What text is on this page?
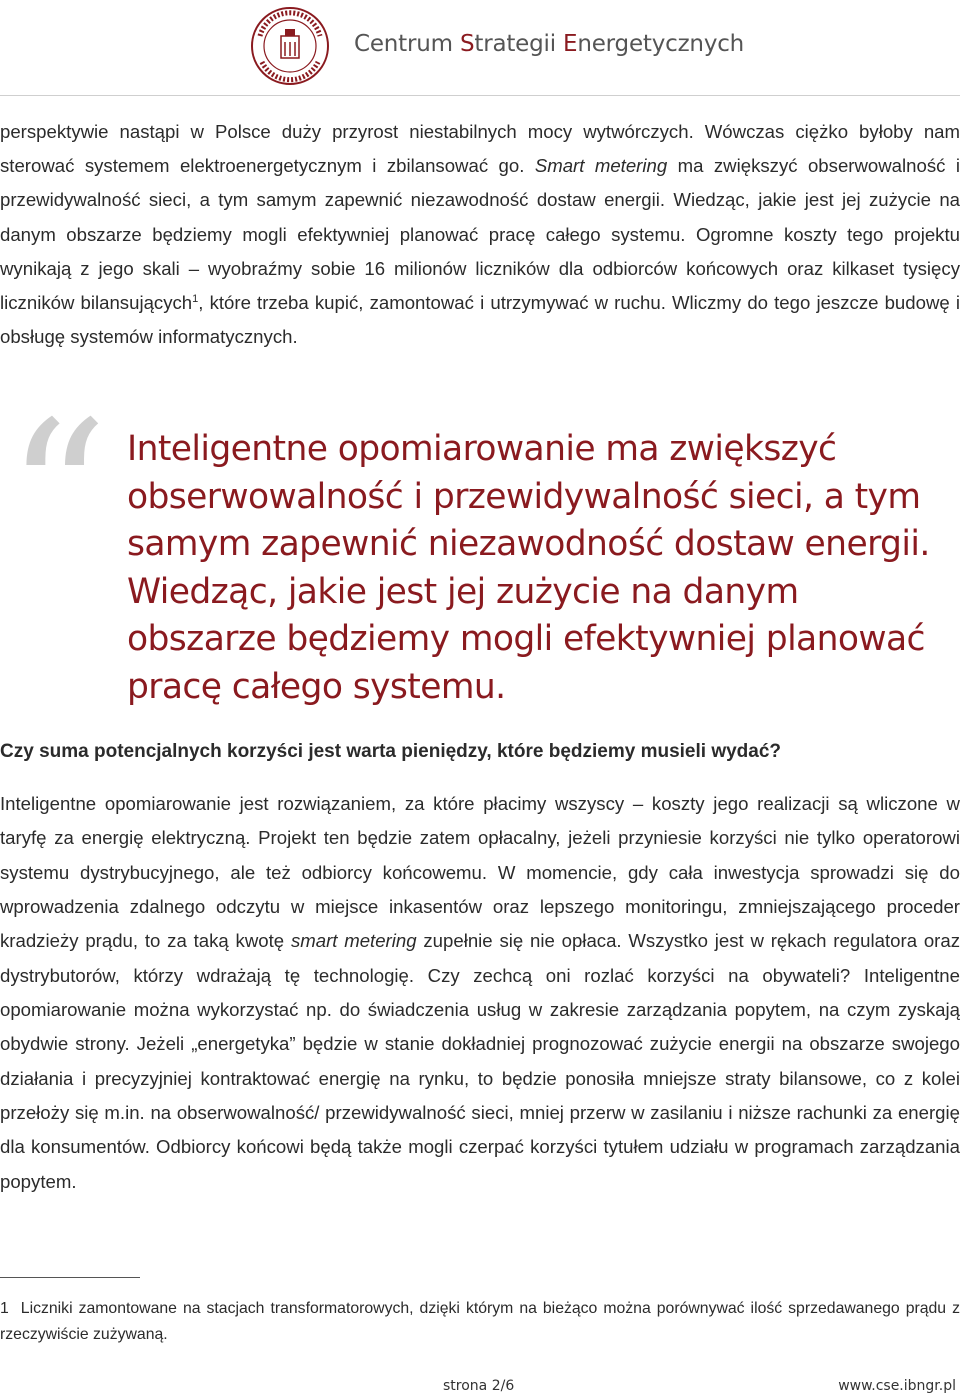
Centrum Strategii Energetycznych

perspektywie nastąpi w Polsce duży przyrost niestabilnych mocy wytwórczych. Wówczas ciężko byłoby nam sterować systemem elektroenergetycznym i zbilansować go. Smart metering ma zwiększyć obserwowalność i przewidywalność sieci, a tym samym zapewnić niezawodność dostaw energii. Wiedząc, jakie jest jej zużycie na danym obszarze będziemy mogli efektywniej planować pracę całego systemu. Ogromne koszty tego projektu wynikają z jego skali – wyobraźmy sobie 16 milionów liczników dla odbiorców końcowych oraz kilkaset tysięcy liczników bilansujących$^1$, które trzeba kupić, zamontować i utrzymywać w ruchu. Wliczmy do tego jeszcze budowę i obsługę systemów informatycznych.

“ Inteligentne opomiarowanie ma zwiększyć obserwowalność i przewidywalność sieci, a tym samym zapewnić niezawodność dostaw energii. Wiedząc, jakie jest jej zużycie na danym obszarze będziemy mogli efektywniej planować pracę całego systemu.
Czy suma potencjalnych korzyści jest warta pieniędzy, które będziemy musieli wydać?

Inteligentne opomiarowanie jest rozwiązaniem, za które płacimy wszyscy – koszty jego realizacji są wliczone w taryfę za energię elektryczną. Projekt ten będzie zatem opłacalny, jeżeli przyniesie korzyści nie tylko operatorowi systemu dystrybucyjnego, ale też odbiorcy końcowemu. W momencie, gdy cała inwestycja sprowadzi się do wprowadzenia zdalnego odczytu w miejsce inkasentów oraz lepszego monitoringu, zmniejszającego proceder kradzieży prądu, to za taką kwotę smart metering zupełnie się nie opłaca. Wszystko jest w rękach regulatora oraz dystrybutorów, którzy wdrażają tę technologię. Czy zechcą oni rozlać korzyści na obywateli? Inteligentne opomiarowanie można wykorzystać np. do świadczenia usług w zakresie zarządzania popytem, na czym zyskają obydwie strony. Jeżeli „energetyka” będzie w stanie dokładniej prognozować zużycie energii na obszarze swojego działania i precyzyjniej kontraktować energię na rynku, to będzie ponosiła mniejsze straty bilansowe, co z kolei przełoży się m.in. na obserwowalność/ przewidywalność sieci, mniej przerw w zasilaniu i niższe rachunki za energię dla konsumentów. Odbiorcy końcowi będą także mogli czerpać korzyści tytułem udziału w programach zarządzania popytem.

1 Liczniki zamontowane na stacjach transformatorowych, dzięki którym na bieżąco można porównywać ilość sprzedawanego prądu z rzeczywiście zużywaną.
strona 2/6	www.cse.ibngr.pl
